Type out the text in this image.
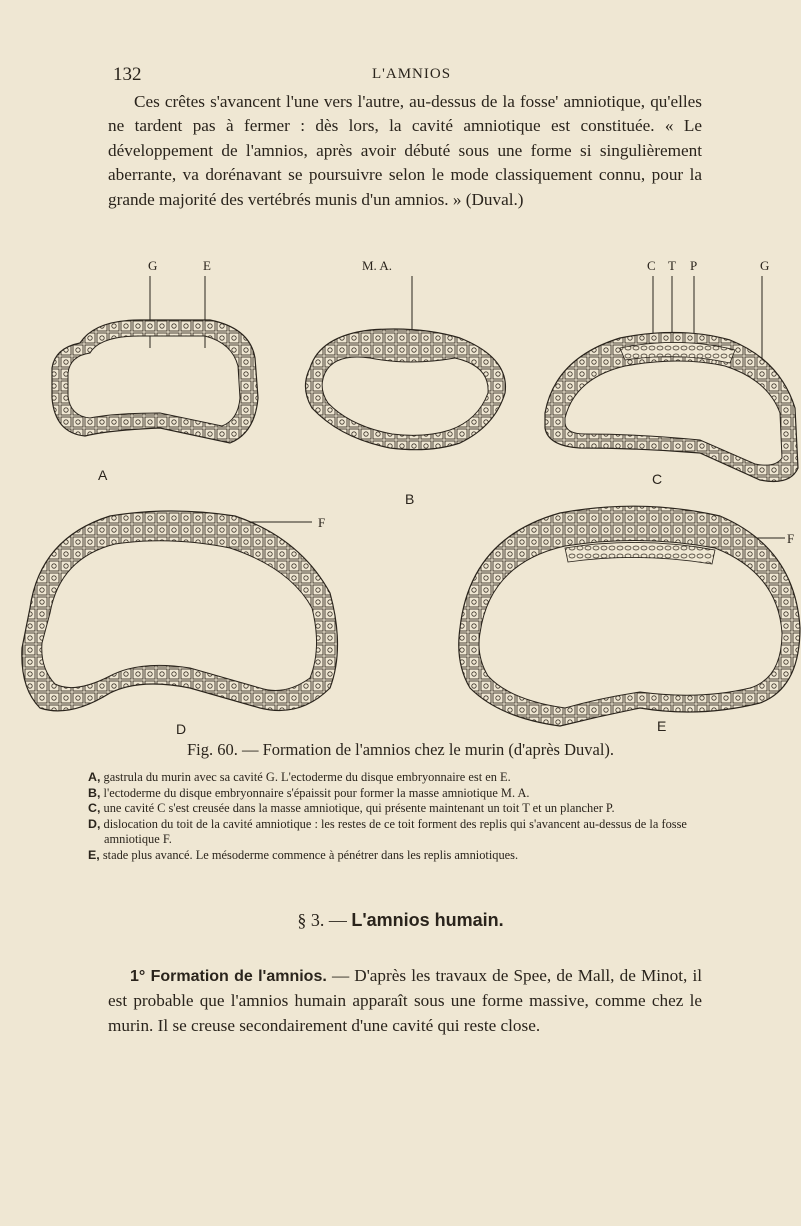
132	L'AMNIOS

Ces crêtes s'avancent l'une vers l'autre, au-dessus de la fosse' amniotique, qu'elles ne tardent pas à fermer : dès lors, la cavité amniotique est constituée. « Le développement de l'amnios, après avoir débuté sous une forme si singulièrement aberrante, va dorénavant se poursuivre selon le mode classiquement connu, pour la grande majorité des vertébrés munis d'un amnios. » (Duval.)

G	E	M. A.	C T P	G
A
B
C
F
D
F
E
Fig. 60. — Formation de l'amnios chez le murin (d'après Duval).

A, gastrula du murin avec sa cavité G. L'ectoderme du disque embryonnaire est en E.

B, l'ectoderme du disque embryonnaire s'épaissit pour former la masse amniotique M. A.

C, une cavité C s'est creusée dans la masse amniotique, qui présente maintenant un toit T et un plancher P.

D, dislocation du toit de la cavité amniotique : les restes de ce toit forment des replis qui s'avancent au-dessus de la fosse amniotique F.

E, stade plus avancé. Le mésoderme commence à pénétrer dans les replis amniotiques.

§ 3. — L'amnios humain.

1° Formation de l'amnios. — D'après les travaux de Spee, de Mall, de Minot, il est probable que l'amnios humain apparaît sous une forme massive, comme chez le murin. Il se creuse secondairement d'une cavité qui reste close.
